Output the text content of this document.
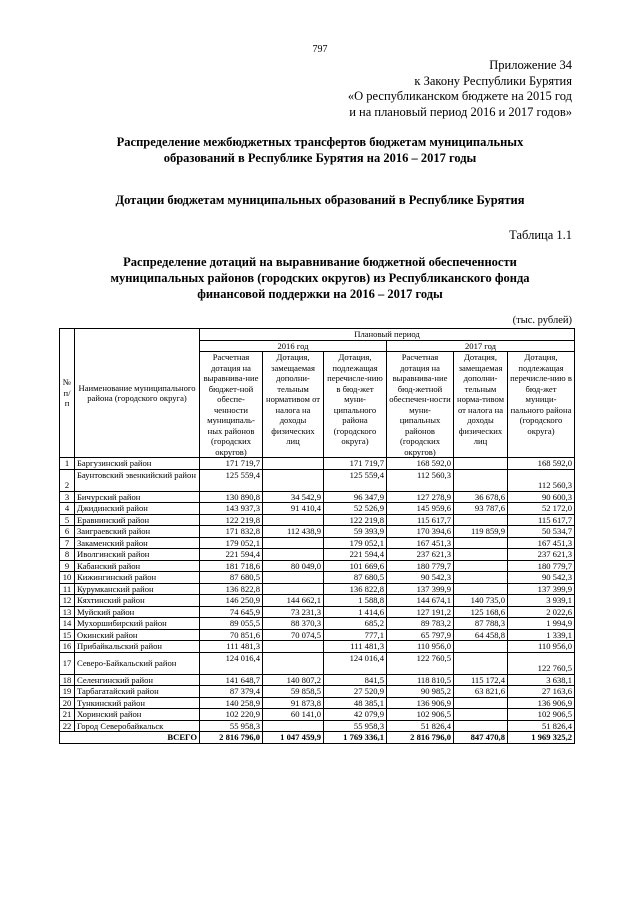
797
Приложение 34
к Закону Республики Бурятия
«О республиканском бюджете на 2015 год
и на плановый период 2016 и 2017 годов»
Распределение межбюджетных трансфертов бюджетам муниципальных
образований в Республике Бурятия на 2016 – 2017 годы
Дотации бюджетам муниципальных образований в Республике Бурятия
Таблица 1.1
Распределение дотаций на выравнивание бюджетной обеспеченности
муниципальных районов (городских округов) из Республиканского фонда
финансовой поддержки на 2016 – 2017 годы
(тыс. рублей)
№ п/п	Наименование муниципального района (городского округа)	Плановый период					
		2016 год			2017 год		
		Расчетная дотация на выравнива-ние бюджет-ной обеспе-ченности муниципаль-ных районов (городских округов)	Дотация, замещаемая дополни-тельным нормативом от налога на доходы физических лиц	Дотация, подлежащая перечисле-нию в бюд-жет муни-ципального района (городского округа)	Расчетная дотация на выравнива-ние бюд-жетной обеспечен-ности муни-ципальных районов (городских округов)	Дотация, замещаемая дополни-тельным норма-тивом от налога на доходы физических лиц	Дотация, подлежащая перечисле-нию в бюд-жет муници-пального района (городского округа)
1	Баргузинский район	171 719,7		171 719,7	168 592,0		168 592,0
2	Баунтовский эвенкийский район	125 559,4		125 559,4	112 560,3		112 560,3
3	Бичурский район	130 890,8	34 542,9	96 347,9	127 278,9	36 678,6	90 600,3
4	Джидинский район	143 937,3	91 410,4	52 526,9	145 959,6	93 787,6	52 172,0
5	Еравнинский район	122 219,8		122 219,8	115 617,7		115 617,7
6	Заиграевский район	171 832,8	112 438,9	59 393,9	170 394,6	119 859,9	50 534,7
7	Закаменский район	179 052,1		179 052,1	167 451,3		167 451,3
8	Иволгинский район	221 594,4		221 594,4	237 621,3		237 621,3
9	Кабанский район	181 718,6	80 049,0	101 669,6	180 779,7		180 779,7
10	Кижингинский район	87 680,5		87 680,5	90 542,3		90 542,3
11	Курумканский район	136 822,8		136 822,8	137 399,9		137 399,9
12	Кяхтинский район	146 250,9	144 662,1	1 588,8	144 674,1	140 735,0	3 939,1
13	Муйский район	74 645,9	73 231,3	1 414,6	127 191,2	125 168,6	2 022,6
14	Мухоршибирский район	89 055,5	88 370,3	685,2	89 783,2	87 788,3	1 994,9
15	Окинский район	70 851,6	70 074,5	777,1	65 797,9	64 458,8	1 339,1
16	Прибайкальский район	111 481,3		111 481,3	110 956,0		110 956,0
17	Северо-Байкальский район	124 016,4		124 016,4	122 760,5		122 760,5
18	Селенгинский район	141 648,7	140 807,2	841,5	118 810,5	115 172,4	3 638,1
19	Тарбагатайский район	87 379,4	59 858,5	27 520,9	90 985,2	63 821,6	27 163,6
20	Тункинский район	140 258,9	91 873,8	48 385,1	136 906,9		136 906,9
21	Хоринский район	102 220,9	60 141,0	42 079,9	102 906,5		102 906,5
22	Город Северобайкальск	55 958,3		55 958,3	51 826,4		51 826,4
ВСЕГО		2 816 796,0	1 047 459,9	1 769 336,1	2 816 796,0	847 470,8	1 969 325,2
